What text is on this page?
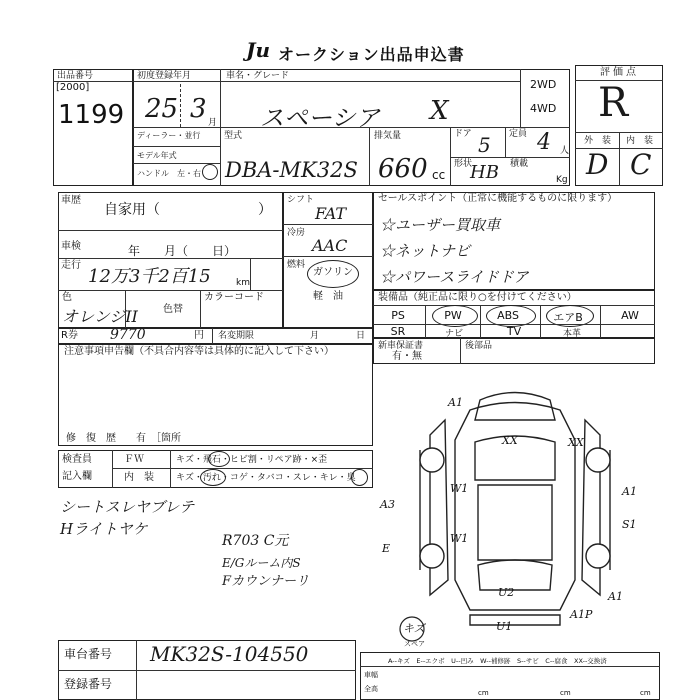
Ju オークション出品申込書
出品番号
[2000]
1199
初度登録年月	車名・グレード
25 3 月 スペーシア X
2WD
4WD
ディーラー・並行
モデル年式
ハンドル　左・右
型式
DBA-MK32S
排気量
660 cc
ドア 5 定員 4 人
形状
HB 積載
Kg
評価点
R
外　装 内　装
D C
車歴
自家用（　　　　　　　）
車検	年　　月（　　日）
走行
12万3千2百15	km
色
オレンジII	色替
カラーコード
シフト
FAT
冷房
AAC
燃料
ガソリン
軽　油
セールスポイント（正常に機能するものに限ります）
☆ユーザー買取車
☆ネットナビ
☆パワースライドドア
装備品（純正品に限り○を付けてください）
PS	PW	ABS	エアB	AW
SR	ナビ	TV	本革
R券 9770	円 名変期限	月	日
新車保証書
有・無
後部品
注意事項申告欄（不具合内容等は具体的に記入して下さい）
修　復　歴　　有　［箇所
検査員
記入欄
ＦＷ
内　装
キズ・飛石・ヒビ割・リペア跡・×歪
キズ・汚れ・コゲ・タバコ・スレ・キレ・臭
シートスレヤブレテ
Hライトヤケ
R703 C元
E/Gルーム内S
Fカウンナーリ
車台番号 MK32S-104550
登録番号
A--キズ　E--エクボ　U--凹み　W--補修跡　S--サビ　C--腐食　XX--交換済
車幅
全高	cm	cm	cm
A1
XX	XX
A1
S1
A3
W1
W1
E
U2	A1
A1P
U1
キズ
スペア
